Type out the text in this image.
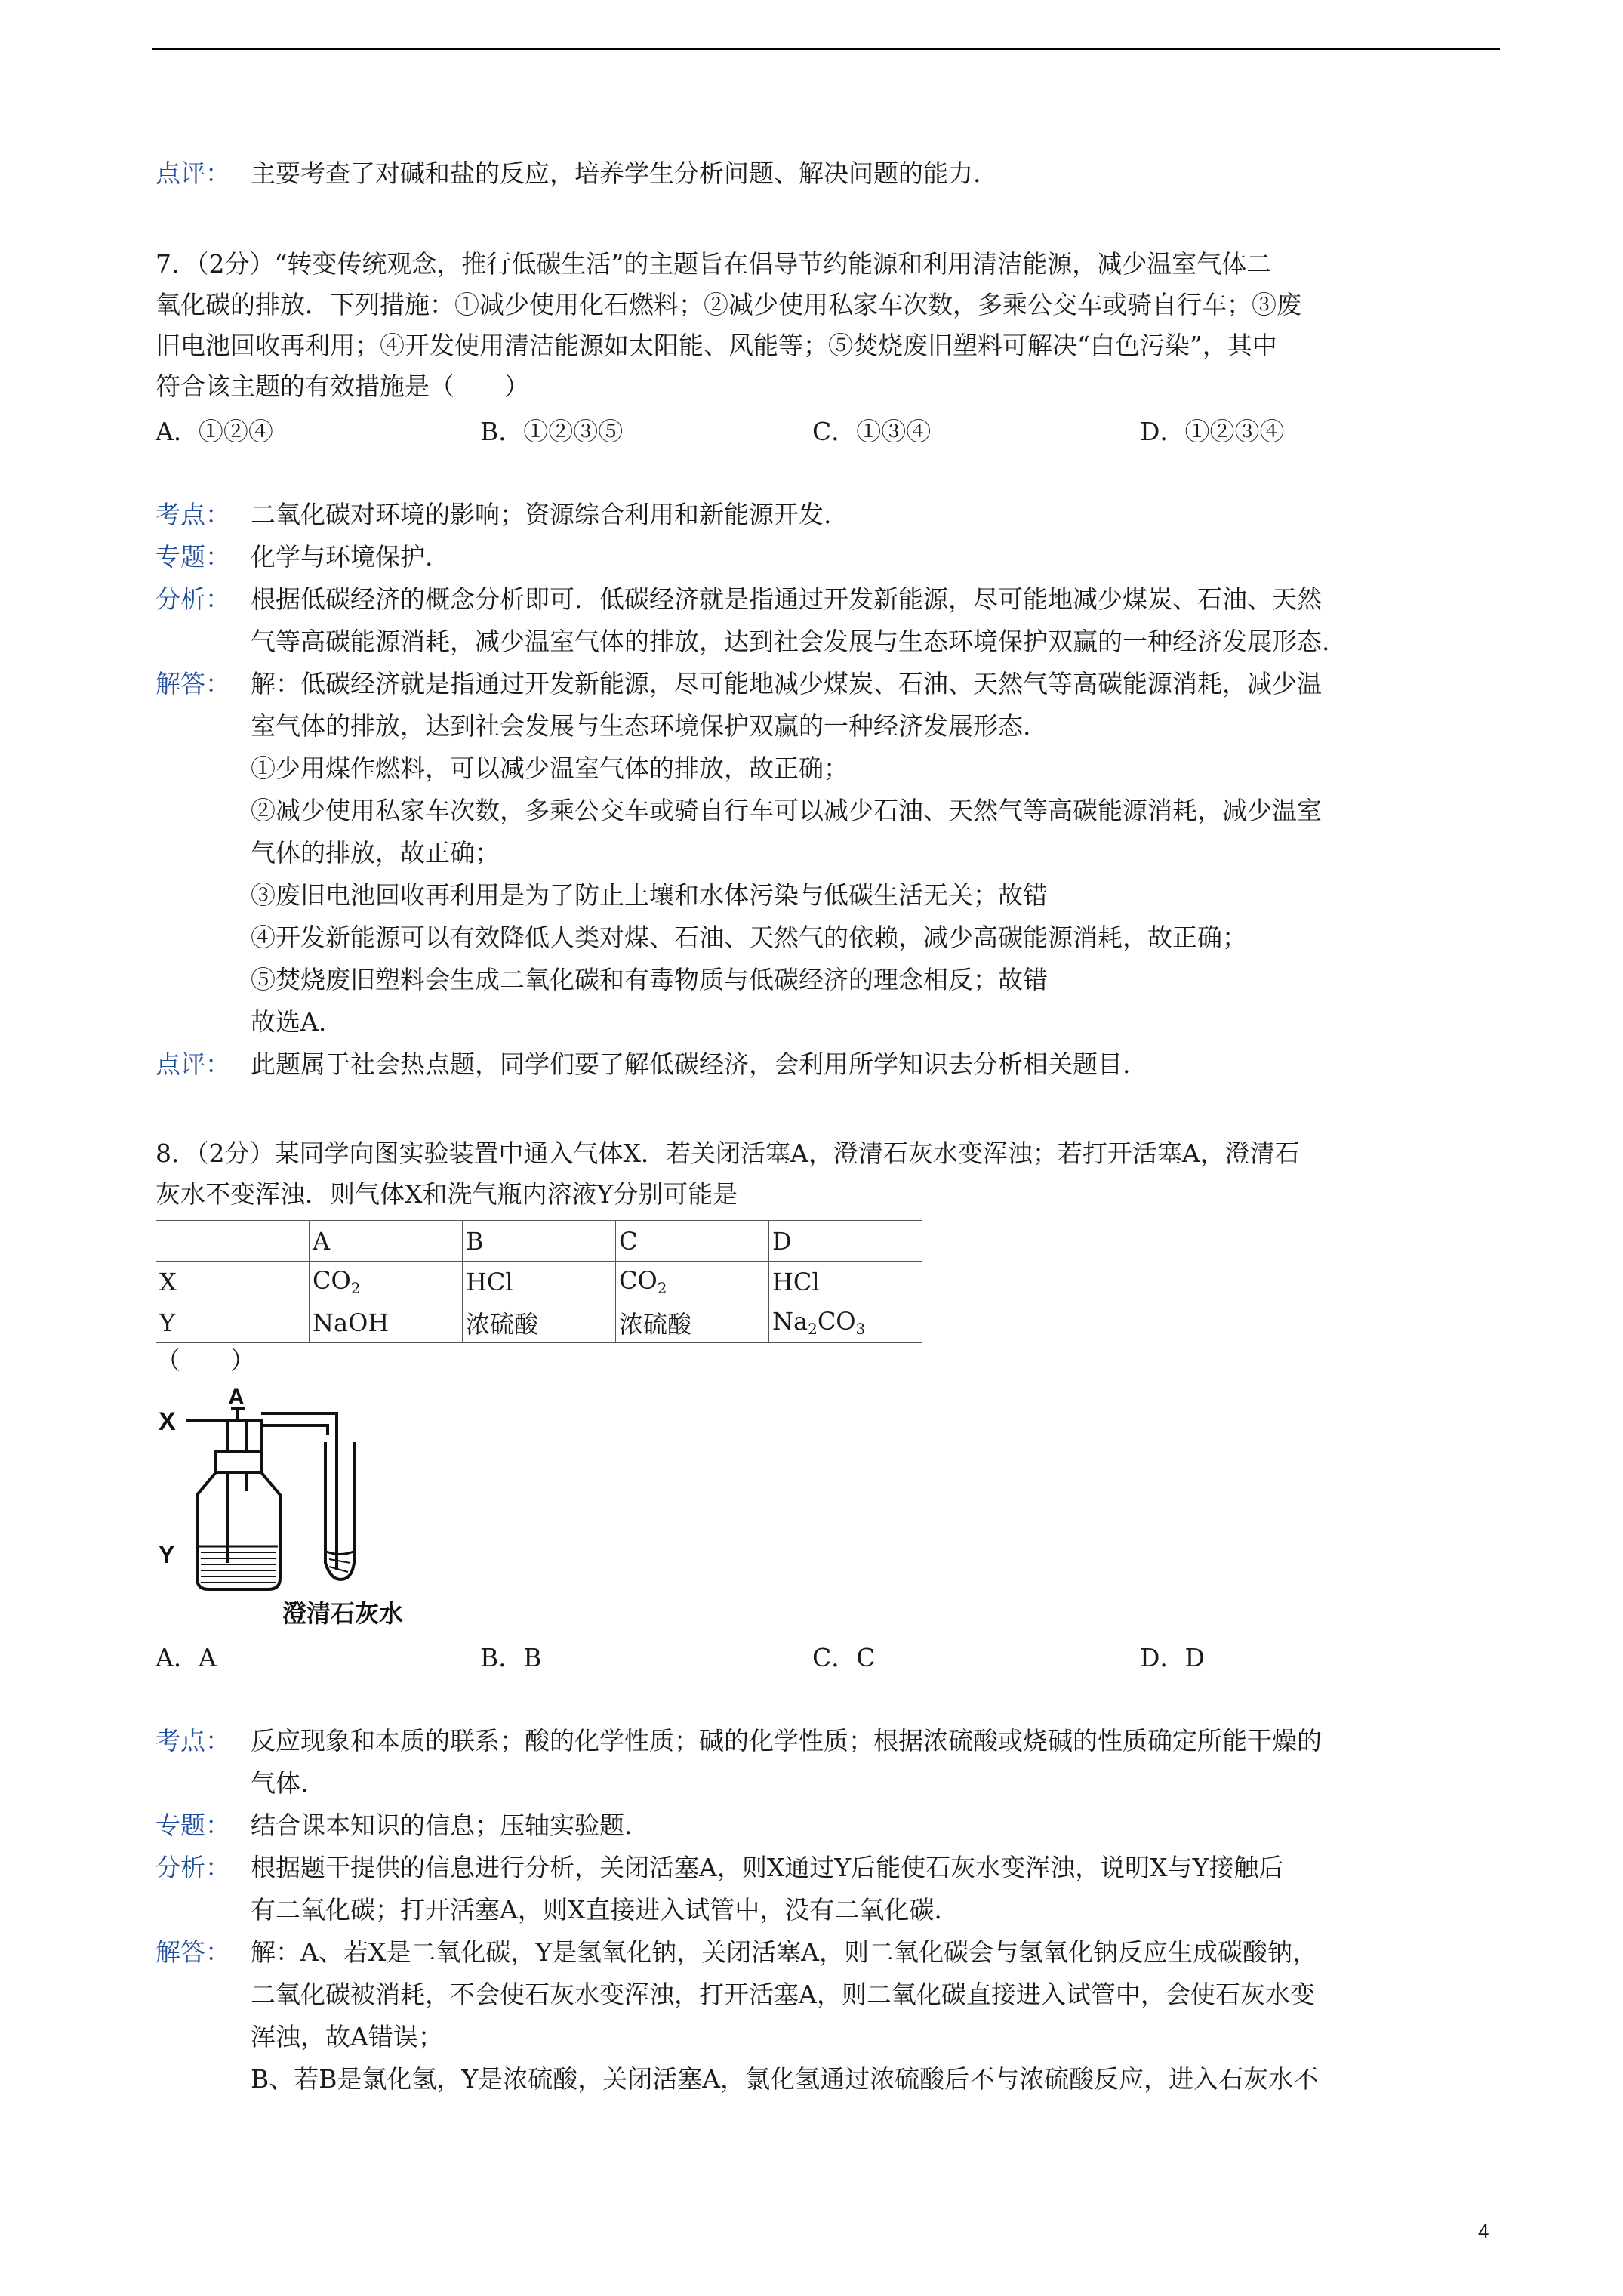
点评： 主要考查了对碱和盐的反应，培养学生分析问题、解决问题的能力.
7．（2分）“转变传统观念，推行低碳生活”的主题旨在倡导节约能源和利用清洁能源，减少温室气体二
氧化碳的排放．下列措施：①减少使用化石燃料；②减少使用私家车次数，多乘公交车或骑自行车；③废
旧电池回收再利用；④开发使用清洁能源如太阳能、风能等；⑤焚烧废旧塑料可解决“白色污染”，其中
符合该主题的有效措施是（　　）
A．①②④	B．①②③⑤	C．①③④	D．①②③④
考点： 二氧化碳对环境的影响；资源综合利用和新能源开发.
专题： 化学与环境保护.
分析： 根据低碳经济的概念分析即可．低碳经济就是指通过开发新能源，尽可能地减少煤炭、石油、天然
气等高碳能源消耗，减少温室气体的排放，达到社会发展与生态环境保护双赢的一种经济发展形态.
解答： 解：低碳经济就是指通过开发新能源，尽可能地减少煤炭、石油、天然气等高碳能源消耗，减少温
室气体的排放，达到社会发展与生态环境保护双赢的一种经济发展形态.
①少用煤作燃料，可以减少温室气体的排放，故正确；
②减少使用私家车次数，多乘公交车或骑自行车可以减少石油、天然气等高碳能源消耗，减少温室
气体的排放，故正确；
③废旧电池回收再利用是为了防止土壤和水体污染与低碳生活无关；故错
④开发新能源可以有效降低人类对煤、石油、天然气的依赖，减少高碳能源消耗，故正确；
⑤焚烧废旧塑料会生成二氧化碳和有毒物质与低碳经济的理念相反；故错
故选A.
点评： 此题属于社会热点题，同学们要了解低碳经济，会利用所学知识去分析相关题目.
8．（2分）某同学向图实验装置中通入气体X．若关闭活塞A，澄清石灰水变浑浊；若打开活塞A，澄清石
灰水不变浑浊．则气体X和洗气瓶内溶液Y分别可能是
	A	B	C	D
X	$CO_2$	HCl	$CO_2$	HCl
Y	NaOH	浓硫酸	浓硫酸	$Na_2CO_3$
（　　）
X
A
Y
澄清石灰水
A．A	B．B	C．C	D．D
考点： 反应现象和本质的联系；酸的化学性质；碱的化学性质；根据浓硫酸或烧碱的性质确定所能干燥的
气体.
专题： 结合课本知识的信息；压轴实验题.
分析： 根据题干提供的信息进行分析，关闭活塞A，则X通过Y后能使石灰水变浑浊，说明X与Y接触后
有二氧化碳；打开活塞A，则X直接进入试管中，没有二氧化碳.
解答： 解：A、若X是二氧化碳，Y是氢氧化钠，关闭活塞A，则二氧化碳会与氢氧化钠反应生成碳酸钠，
二氧化碳被消耗，不会使石灰水变浑浊，打开活塞A，则二氧化碳直接进入试管中，会使石灰水变
浑浊，故A错误；
B、若B是氯化氢，Y是浓硫酸，关闭活塞A，氯化氢通过浓硫酸后不与浓硫酸反应，进入石灰水不
4
